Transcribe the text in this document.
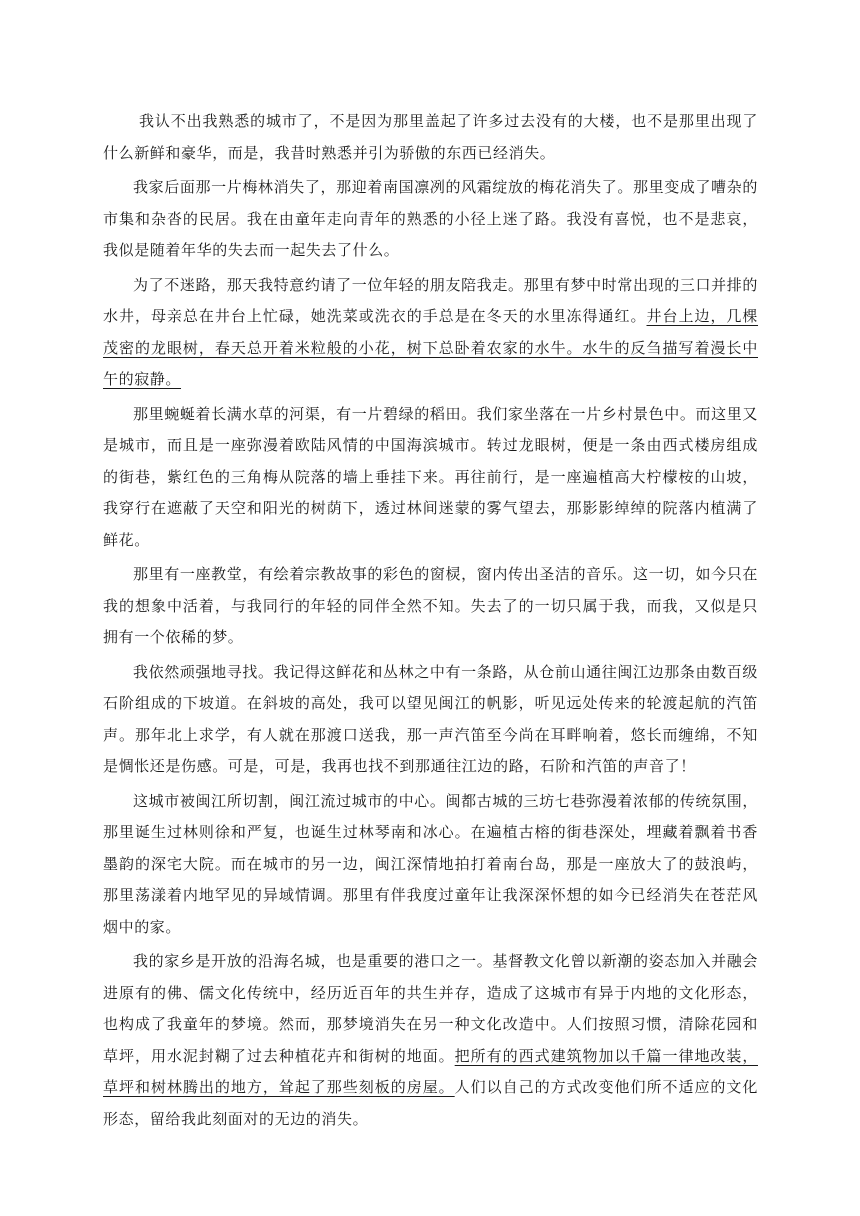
我认不出我熟悉的城市了，不是因为那里盖起了许多过去没有的大楼，也不是那里出现了什么新鲜和豪华，而是，我昔时熟悉并引为骄傲的东西已经消失。

我家后面那一片梅林消失了，那迎着南国凛冽的风霜绽放的梅花消失了。那里变成了嘈杂的市集和杂沓的民居。我在由童年走向青年的熟悉的小径上迷了路。我没有喜悦，也不是悲哀，我似是随着年华的失去而一起失去了什么。

为了不迷路，那天我特意约请了一位年轻的朋友陪我走。那里有梦中时常出现的三口并排的水井，母亲总在井台上忙碌，她洗菜或洗衣的手总是在冬天的水里冻得通红。井台上边，几棵茂密的龙眼树，春天总开着米粒般的小花，树下总卧着农家的水牛。水牛的反刍描写着漫长中午的寂静。

那里蜿蜒着长满水草的河渠，有一片碧绿的稻田。我们家坐落在一片乡村景色中。而这里又是城市，而且是一座弥漫着欧陆风情的中国海滨城市。转过龙眼树，便是一条由西式楼房组成的街巷，紫红色的三角梅从院落的墙上垂挂下来。再往前行，是一座遍植高大柠檬桉的山坡，我穿行在遮蔽了天空和阳光的树荫下，透过林间迷蒙的雾气望去，那影影绰绰的院落内植满了鲜花。

那里有一座教堂，有绘着宗教故事的彩色的窗棂，窗内传出圣洁的音乐。这一切，如今只在我的想象中活着，与我同行的年轻的同伴全然不知。失去了的一切只属于我，而我，又似是只拥有一个依稀的梦。

我依然顽强地寻找。我记得这鲜花和丛林之中有一条路，从仓前山通往闽江边那条由数百级石阶组成的下坡道。在斜坡的高处，我可以望见闽江的帆影，听见远处传来的轮渡起航的汽笛声。那年北上求学，有人就在那渡口送我，那一声汽笛至今尚在耳畔响着，悠长而缠绵，不知是惆怅还是伤感。可是，可是，我再也找不到那通往江边的路，石阶和汽笛的声音了！

这城市被闽江所切割，闽江流过城市的中心。闽都古城的三坊七巷弥漫着浓郁的传统氛围，那里诞生过林则徐和严复，也诞生过林琴南和冰心。在遍植古榕的街巷深处，埋藏着飘着书香墨韵的深宅大院。而在城市的另一边，闽江深情地拍打着南台岛，那是一座放大了的鼓浪屿，那里荡漾着内地罕见的异域情调。那里有伴我度过童年让我深深怀想的如今已经消失在苍茫风烟中的家。

我的家乡是开放的沿海名城，也是重要的港口之一。基督教文化曾以新潮的姿态加入并融会进原有的佛、儒文化传统中，经历近百年的共生并存，造成了这城市有异于内地的文化形态，也构成了我童年的梦境。然而，那梦境消失在另一种文化改造中。人们按照习惯，清除花园和草坪，用水泥封糊了过去种植花卉和街树的地面。把所有的西式建筑物加以千篇一律地改装，草坪和树林腾出的地方，耸起了那些刻板的房屋。人们以自己的方式改变他们所不适应的文化形态，留给我此刻面对的无边的消失。
